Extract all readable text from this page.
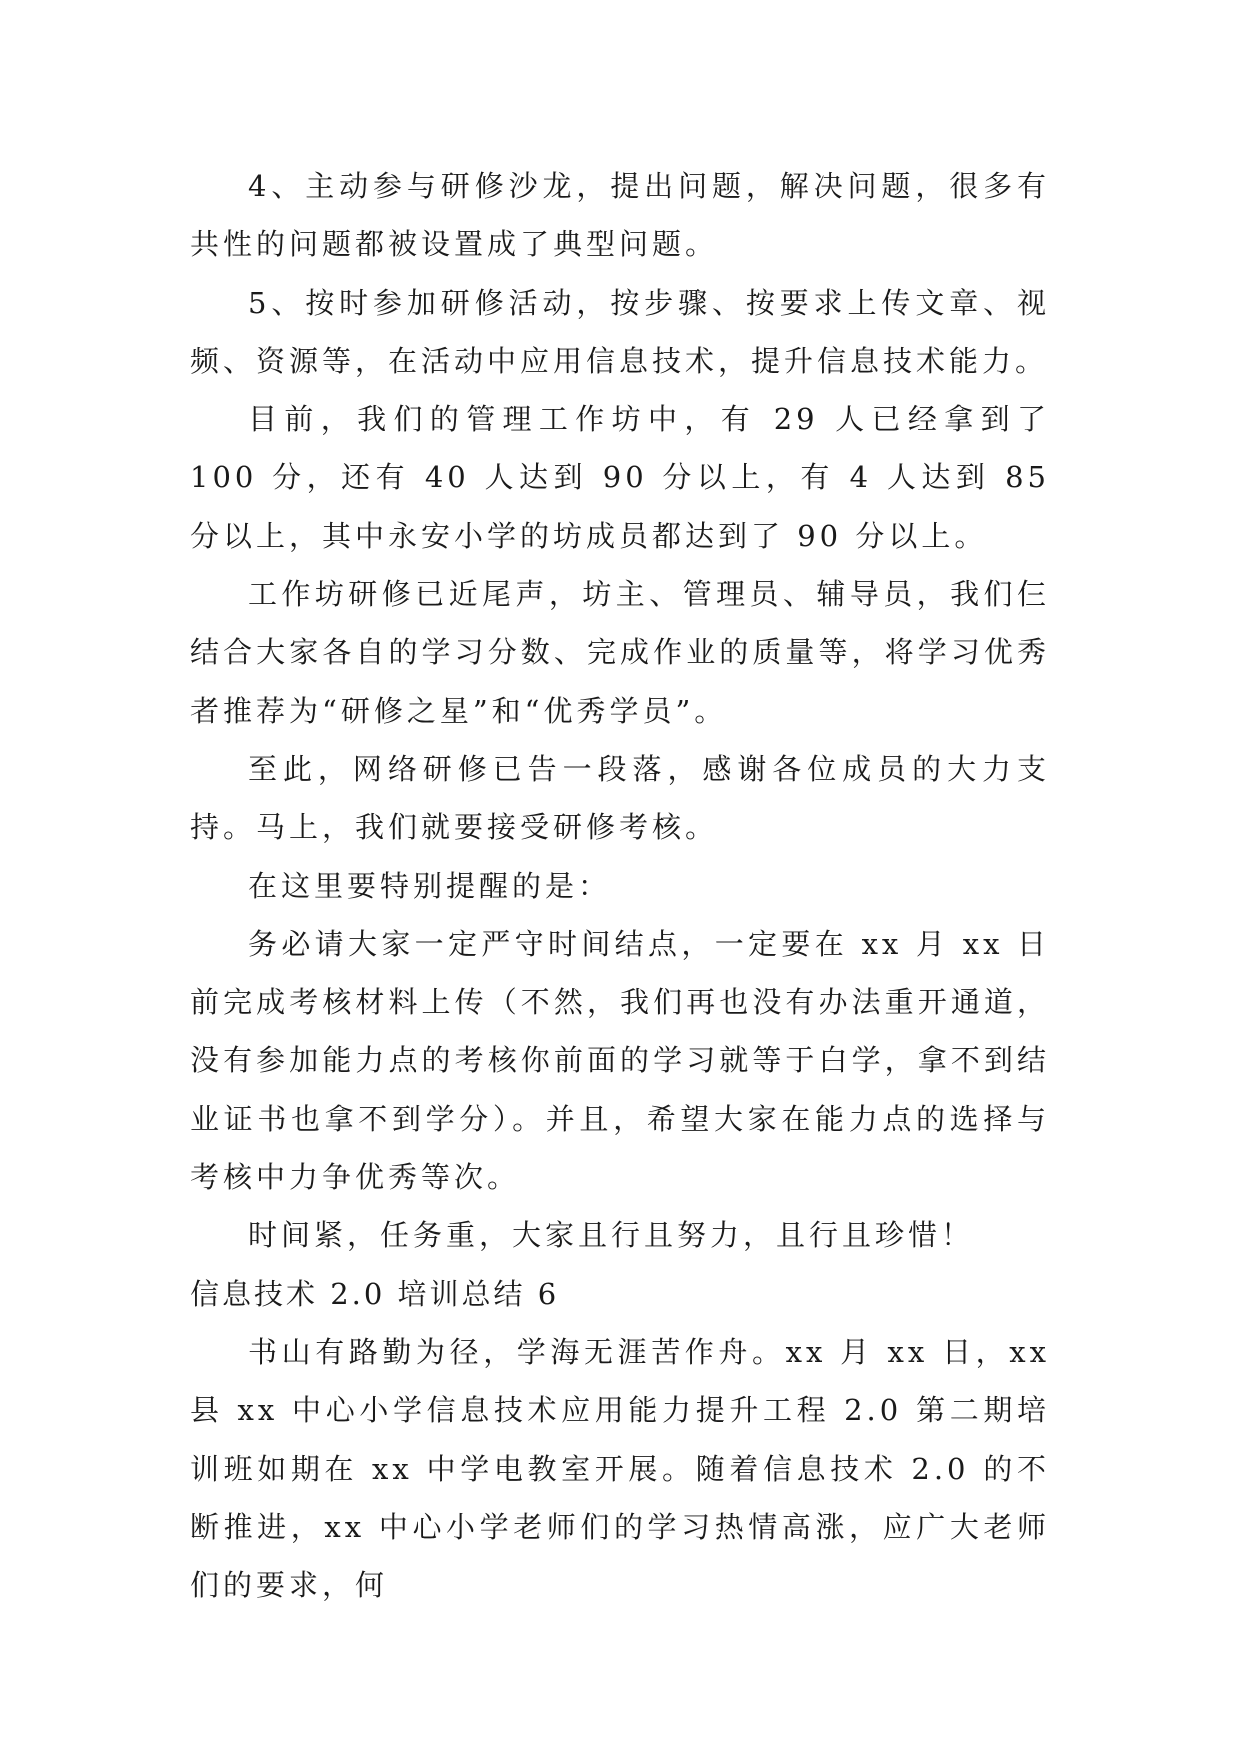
4、主动参与研修沙龙，提出问题，解决问题，很多有共性的问题都被设置成了典型问题。

5、按时参加研修活动，按步骤、按要求上传文章、视频、资源等，在活动中应用信息技术，提升信息技术能力。

目前，我们的管理工作坊中，有 29 人已经拿到了 100 分，还有 40 人达到 90 分以上，有 4 人达到 85 分以上，其中永安小学的坊成员都达到了 90 分以上。

工作坊研修已近尾声，坊主、管理员、辅导员，我们仨结合大家各自的学习分数、完成作业的质量等，将学习优秀者推荐为“研修之星”和“优秀学员”。

至此，网络研修已告一段落，感谢各位成员的大力支持。马上，我们就要接受研修考核。

在这里要特别提醒的是：

务必请大家一定严守时间结点，一定要在 xx 月 xx 日前完成考核材料上传（不然，我们再也没有办法重开通道，没有参加能力点的考核你前面的学习就等于白学，拿不到结业证书也拿不到学分）。并且，希望大家在能力点的选择与考核中力争优秀等次。

时间紧，任务重，大家且行且努力，且行且珍惜！

信息技术 2.0 培训总结 6

书山有路勤为径，学海无涯苦作舟。xx 月 xx 日，xx 县 xx 中心小学信息技术应用能力提升工程 2.0 第二期培训班如期在 xx 中学电教室开展。随着信息技术 2.0 的不断推进，xx 中心小学老师们的学习热情高涨，应广大老师们的要求，何
